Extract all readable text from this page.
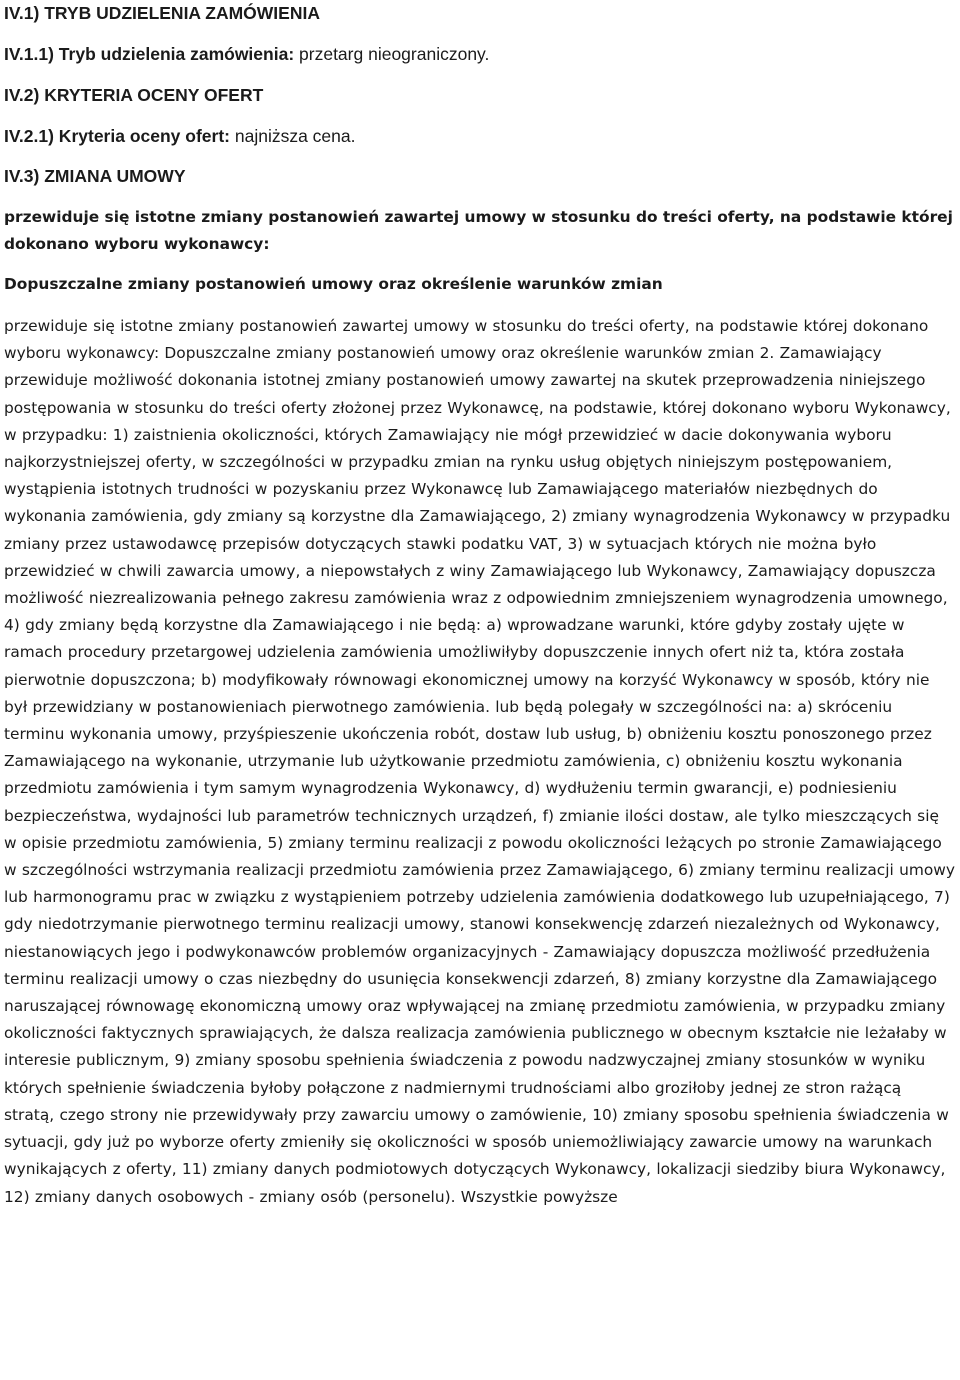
IV.1) TRYB UDZIELENIA ZAMÓWIENIA

IV.1.1) Tryb udzielenia zamówienia: przetarg nieograniczony.

IV.2) KRYTERIA OCENY OFERT

IV.2.1) Kryteria oceny ofert: najniższa cena.

IV.3) ZMIANA UMOWY

przewiduje się istotne zmiany postanowień zawartej umowy w stosunku do treści oferty, na podstawie której dokonano wyboru wykonawcy:

Dopuszczalne zmiany postanowień umowy oraz określenie warunków zmian

przewiduje się istotne zmiany postanowień zawartej umowy w stosunku do treści oferty, na podstawie której dokonano wyboru wykonawcy: Dopuszczalne zmiany postanowień umowy oraz określenie warunków zmian 2. Zamawiający przewiduje możliwość dokonania istotnej zmiany postanowień umowy zawartej na skutek przeprowadzenia niniejszego postępowania w stosunku do treści oferty złożonej przez Wykonawcę, na podstawie, której dokonano wyboru Wykonawcy, w przypadku: 1) zaistnienia okoliczności, których Zamawiający nie mógł przewidzieć w dacie dokonywania wyboru najkorzystniejszej oferty, w szczególności w przypadku zmian na rynku usług objętych niniejszym postępowaniem, wystąpienia istotnych trudności w pozyskaniu przez Wykonawcę lub Zamawiającego materiałów niezbędnych do wykonania zamówienia, gdy zmiany są korzystne dla Zamawiającego, 2) zmiany wynagrodzenia Wykonawcy w przypadku zmiany przez ustawodawcę przepisów dotyczących stawki podatku VAT, 3) w sytuacjach których nie można było przewidzieć w chwili zawarcia umowy, a niepowstałych z winy Zamawiającego lub Wykonawcy, Zamawiający dopuszcza możliwość niezrealizowania pełnego zakresu zamówienia wraz z odpowiednim zmniejszeniem wynagrodzenia umownego, 4) gdy zmiany będą korzystne dla Zamawiającego i nie będą: a) wprowadzane warunki, które gdyby zostały ujęte w ramach procedury przetargowej udzielenia zamówienia umożliwiłyby dopuszczenie innych ofert niż ta, która została pierwotnie dopuszczona; b) modyfikowały równowagi ekonomicznej umowy na korzyść Wykonawcy w sposób, który nie był przewidziany w postanowieniach pierwotnego zamówienia. lub będą polegały w szczególności na: a) skróceniu terminu wykonania umowy, przyśpieszenie ukończenia robót, dostaw lub usług, b) obniżeniu kosztu ponoszonego przez Zamawiającego na wykonanie, utrzymanie lub użytkowanie przedmiotu zamówienia, c) obniżeniu kosztu wykonania przedmiotu zamówienia i tym samym wynagrodzenia Wykonawcy, d) wydłużeniu termin gwarancji, e) podniesieniu bezpieczeństwa, wydajności lub parametrów technicznych urządzeń, f) zmianie ilości dostaw, ale tylko mieszczących się w opisie przedmiotu zamówienia, 5) zmiany terminu realizacji z powodu okoliczności leżących po stronie Zamawiającego w szczególności wstrzymania realizacji przedmiotu zamówienia przez Zamawiającego, 6) zmiany terminu realizacji umowy lub harmonogramu prac w związku z wystąpieniem potrzeby udzielenia zamówienia dodatkowego lub uzupełniającego, 7) gdy niedotrzymanie pierwotnego terminu realizacji umowy, stanowi konsekwencję zdarzeń niezależnych od Wykonawcy, niestanowiących jego i podwykonawców problemów organizacyjnych - Zamawiający dopuszcza możliwość przedłużenia terminu realizacji umowy o czas niezbędny do usunięcia konsekwencji zdarzeń, 8) zmiany korzystne dla Zamawiającego naruszającej równowagę ekonomiczną umowy oraz wpływającej na zmianę przedmiotu zamówienia, w przypadku zmiany okoliczności faktycznych sprawiających, że dalsza realizacja zamówienia publicznego w obecnym kształcie nie leżałaby w interesie publicznym, 9) zmiany sposobu spełnienia świadczenia z powodu nadzwyczajnej zmiany stosunków w wyniku których spełnienie świadczenia byłoby połączone z nadmiernymi trudnościami albo groziłoby jednej ze stron rażącą stratą, czego strony nie przewidywały przy zawarciu umowy o zamówienie, 10) zmiany sposobu spełnienia świadczenia w sytuacji, gdy już po wyborze oferty zmieniły się okoliczności w sposób uniemożliwiający zawarcie umowy na warunkach wynikających z oferty, 11) zmiany danych podmiotowych dotyczących Wykonawcy, lokalizacji siedziby biura Wykonawcy, 12) zmiany danych osobowych - zmiany osób (personelu). Wszystkie powyższe
